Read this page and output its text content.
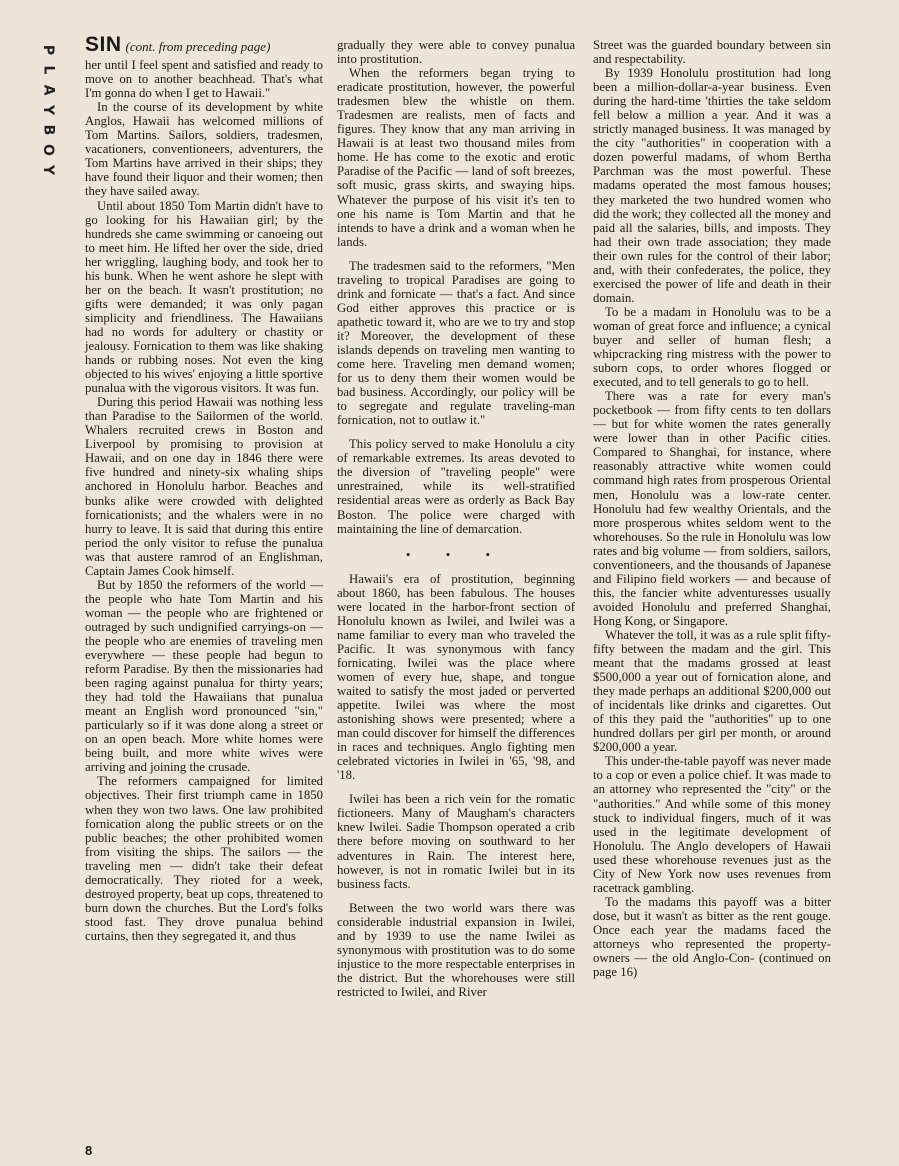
P
L
A
Y
B
O
Y
SIN (cont. from preceding page)

her until I feel spent and satisfied and ready to move on to another beachhead. That's what I'm gonna do when I get to Hawaii."

In the course of its development by white Anglos, Hawaii has welcomed millions of Tom Martins. Sailors, soldiers, tradesmen, vacationers, conventioneers, adventurers, the Tom Martins have arrived in their ships; they have found their liquor and their women; then they have sailed away.

Until about 1850 Tom Martin didn't have to go looking for his Hawaiian girl; by the hundreds she came swimming or canoeing out to meet him. He lifted her over the side, dried her wriggling, laughing body, and took her to his bunk. When he went ashore he slept with her on the beach. It wasn't prostitution; no gifts were demanded; it was only pagan simplicity and friendliness. The Hawaiians had no words for adultery or chastity or jealousy. Fornication to them was like shaking hands or rubbing noses. Not even the king objected to his wives' enjoying a little sportive punalua with the vigorous visitors. It was fun.

During this period Hawaii was nothing less than Paradise to the Sailormen of the world. Whalers recruited crews in Boston and Liverpool by promising to provision at Hawaii, and on one day in 1846 there were five hundred and ninety-six whaling ships anchored in Honolulu harbor. Beaches and bunks alike were crowded with delighted fornicationists; and the whalers were in no hurry to leave. It is said that during this entire period the only visitor to refuse the punalua was that austere ramrod of an Englishman, Captain James Cook himself.

But by 1850 the reformers of the world — the people who hate Tom Martin and his woman — the people who are frightened or outraged by such undignified carryings-on — the people who are enemies of traveling men everywhere — these people had begun to reform Paradise. By then the missionaries had been raging against punalua for thirty years; they had told the Hawaiians that punalua meant an English word pronounced "sin," particularly so if it was done along a street or on an open beach. More white homes were being built, and more white wives were arriving and joining the crusade.

The reformers campaigned for limited objectives. Their first triumph came in 1850 when they won two laws. One law prohibited fornication along the public streets or on the public beaches; the other prohibited women from visiting the ships. The sailors — the traveling men — didn't take their defeat democratically. They rioted for a week, destroyed property, beat up cops, threatened to burn down the churches. But the Lord's folks stood fast. They drove punalua behind curtains, then they segregated it, and thus

gradually they were able to convey punalua into prostitution.

When the reformers began trying to eradicate prostitution, however, the powerful tradesmen blew the whistle on them. Tradesmen are realists, men of facts and figures. They know that any man arriving in Hawaii is at least two thousand miles from home. He has come to the exotic and erotic Paradise of the Pacific — land of soft breezes, soft music, grass skirts, and swaying hips. Whatever the purpose of his visit it's ten to one his name is Tom Martin and that he intends to have a drink and a woman when he lands.

The tradesmen said to the reformers, "Men traveling to tropical Paradises are going to drink and fornicate — that's a fact. And since God either approves this practice or is apathetic toward it, who are we to try and stop it? Moreover, the development of these islands depends on traveling men wanting to come here. Traveling men demand women; for us to deny them their women would be bad business. Accordingly, our policy will be to segregate and regulate traveling-man fornication, not to outlaw it."

This policy served to make Honolulu a city of remarkable extremes. Its areas devoted to the diversion of "traveling people" were unrestrained, while its well-stratified residential areas were as orderly as Back Bay Boston. The police were charged with maintaining the line of demarcation.

• • •

Hawaii's era of prostitution, beginning about 1860, has been fabulous. The houses were located in the harbor-front section of Honolulu known as Iwilei, and Iwilei was a name familiar to every man who traveled the Pacific. It was synonymous with fancy fornicating. Iwilei was the place where women of every hue, shape, and tongue waited to satisfy the most jaded or perverted appetite. Iwilei was where the most astonishing shows were presented; where a man could discover for himself the differences in races and techniques. Anglo fighting men celebrated victories in Iwilei in '65, '98, and '18.

Iwilei has been a rich vein for the romatic fictioneers. Many of Maugham's characters knew Iwilei. Sadie Thompson operated a crib there before moving on southward to her adventures in Rain. The interest here, however, is not in romatic Iwilei but in its business facts.

Between the two world wars there was considerable industrial expansion in Iwilei, and by 1939 to use the name Iwilei as synonymous with prostitution was to do some injustice to the more respectable enterprises in the district. But the whorehouses were still restricted to Iwilei, and River

Street was the guarded boundary between sin and respectability.

By 1939 Honolulu prostitution had long been a million-dollar-a-year business. Even during the hard-time 'thirties the take seldom fell below a million a year. And it was a strictly managed business. It was managed by the city "authorities" in cooperation with a dozen powerful madams, of whom Bertha Parchman was the most powerful. These madams operated the most famous houses; they marketed the two hundred women who did the work; they collected all the money and paid all the salaries, bills, and imposts. They had their own trade association; they made their own rules for the control of their labor; and, with their confederates, the police, they exercised the power of life and death in their domain.

To be a madam in Honolulu was to be a woman of great force and influence; a cynical buyer and seller of human flesh; a whipcracking ring mistress with the power to suborn cops, to order whores flogged or executed, and to tell generals to go to hell.

There was a rate for every man's pocketbook — from fifty cents to ten dollars — but for white women the rates generally were lower than in other Pacific cities. Compared to Shanghai, for instance, where reasonably attractive white women could command high rates from prosperous Oriental men, Honolulu was a low-rate center. Honolulu had few wealthy Orientals, and the more prosperous whites seldom went to the whorehouses. So the rule in Honolulu was low rates and big volume — from soldiers, sailors, conventioneers, and the thousands of Japanese and Filipino field workers — and because of this, the fancier white adventuresses usually avoided Honolulu and preferred Shanghai, Hong Kong, or Singapore.

Whatever the toll, it was as a rule split fifty-fifty between the madam and the girl. This meant that the madams grossed at least $500,000 a year out of fornication alone, and they made perhaps an additional $200,000 out of incidentals like drinks and cigarettes. Out of this they paid the "authorities" up to one hundred dollars per girl per month, or around $200,000 a year.

This under-the-table payoff was never made to a cop or even a police chief. It was made to an attorney who represented the "city" or the "authorities." And while some of this money stuck to individual fingers, much of it was used in the legitimate development of Honolulu. The Anglo developers of Hawaii used these whorehouse revenues just as the City of New York now uses revenues from racetrack gambling.

To the madams this payoff was a bitter dose, but it wasn't as bitter as the rent gouge. Once each year the madams faced the attorneys who represented the property-owners — the old Anglo-Con- (continued on page 16)

8
